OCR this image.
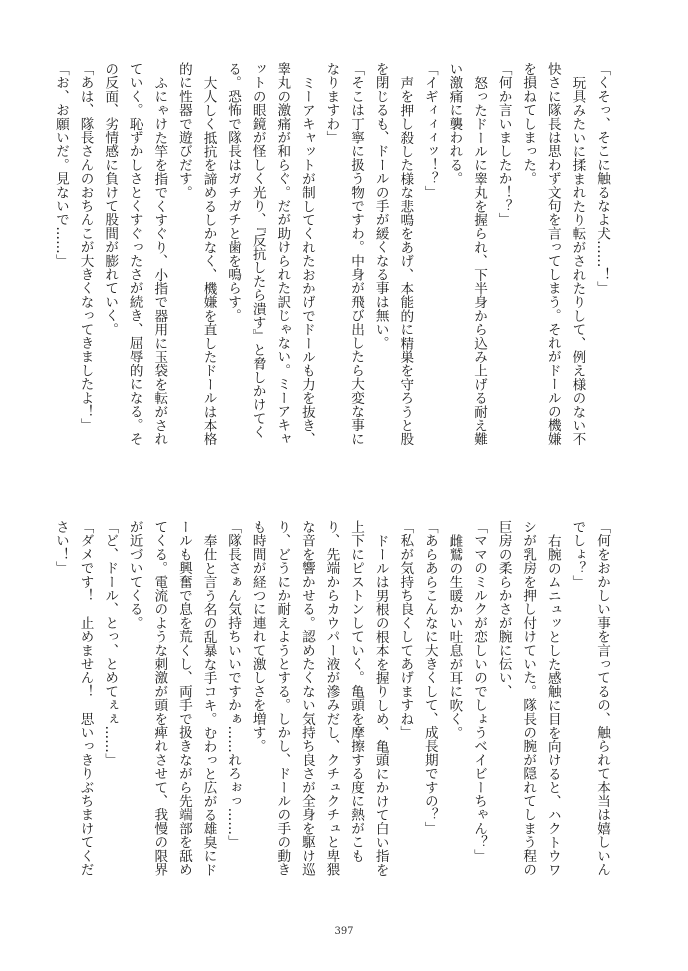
「くそっ、そこに触るなよ犬……！」

玩具みたいに揉まれたり転がされたりして、例え様のない不快さに隊長は思わず文句を言ってしまう。それがドールの機嫌を損ねてしまった。

「何か言いましたか！？」

怒ったドールに睾丸を握られ、下半身から込み上げる耐え難い激痛に襲われる。

「イギィィィッ！？」

声を押し殺した様な悲鳴をあげ、本能的に精巣を守ろうと股を閉じるも、ドールの手が緩くなる事は無い。

「そこは丁寧に扱う物ですわ。中身が飛び出したら大変な事になりますわ」

ミーアキャットが制してくれたおかげでドールも力を抜き、睾丸の激痛が和らぐ。だが助けられた訳じゃない。ミーアキャットの眼鏡が怪しく光り、『反抗したら潰す』と脅しかけてくる。恐怖で隊長はガチガチと歯を鳴らす。

大人しく抵抗を諦めるしかなく、機嫌を直したドールは本格的に性器で遊びだす。

ふにゃけた竿を指でくすぐり、小指で器用に玉袋を転がされていく。恥ずかしさとくすぐったさが続き、屈辱的になる。その反面、劣情感に負けて股間が膨れていく。

「あは、隊長さんのおちんこが大きくなってきましたよ！」

「お、お願いだ。見ないで……」

「何をおかしい事を言ってるの、触られて本当は嬉しいんでしょ？」

右腕のムニュッとした感触に目を向けると、ハクトウワシが乳房を押し付けていた。隊長の腕が隠れてしまう程の巨房の柔らかさが腕に伝い、

「ママのミルクが恋しいのでしょうベイビーちゃん？」

雌鷲の生暖かい吐息が耳に吹く。

「あらあらこんなに大きくして、成長期ですの？」

「私が気持ち良くしてあげますね」

ドールは男根の根本を握りしめ、亀頭にかけて白い指を上下にピストンしていく。亀頭を摩擦する度に熱がこもり、先端からカウパー液が滲みだし、クチュクチュと卑猥な音を響かせる。認めたくない気持ち良さが全身を駆け巡り、どうにか耐えようとする。しかし、ドールの手の動きも時間が経つに連れて激しさを増す。

「隊長さぁん気持ちいいですかぁ……れろぉっ……」

奉仕と言う名の乱暴な手コキ。むわっと広がる雄臭にドールも興奮で息を荒くし、両手で扱きながら先端部を舐めてくる。電流のような刺激が頭を痺れさせて、我慢の限界が近づいてくる。

「ど、ドール、とっ、とめてぇぇ……」

「ダメです！　止めません！　思いっきりぶちまけてください！」

397
